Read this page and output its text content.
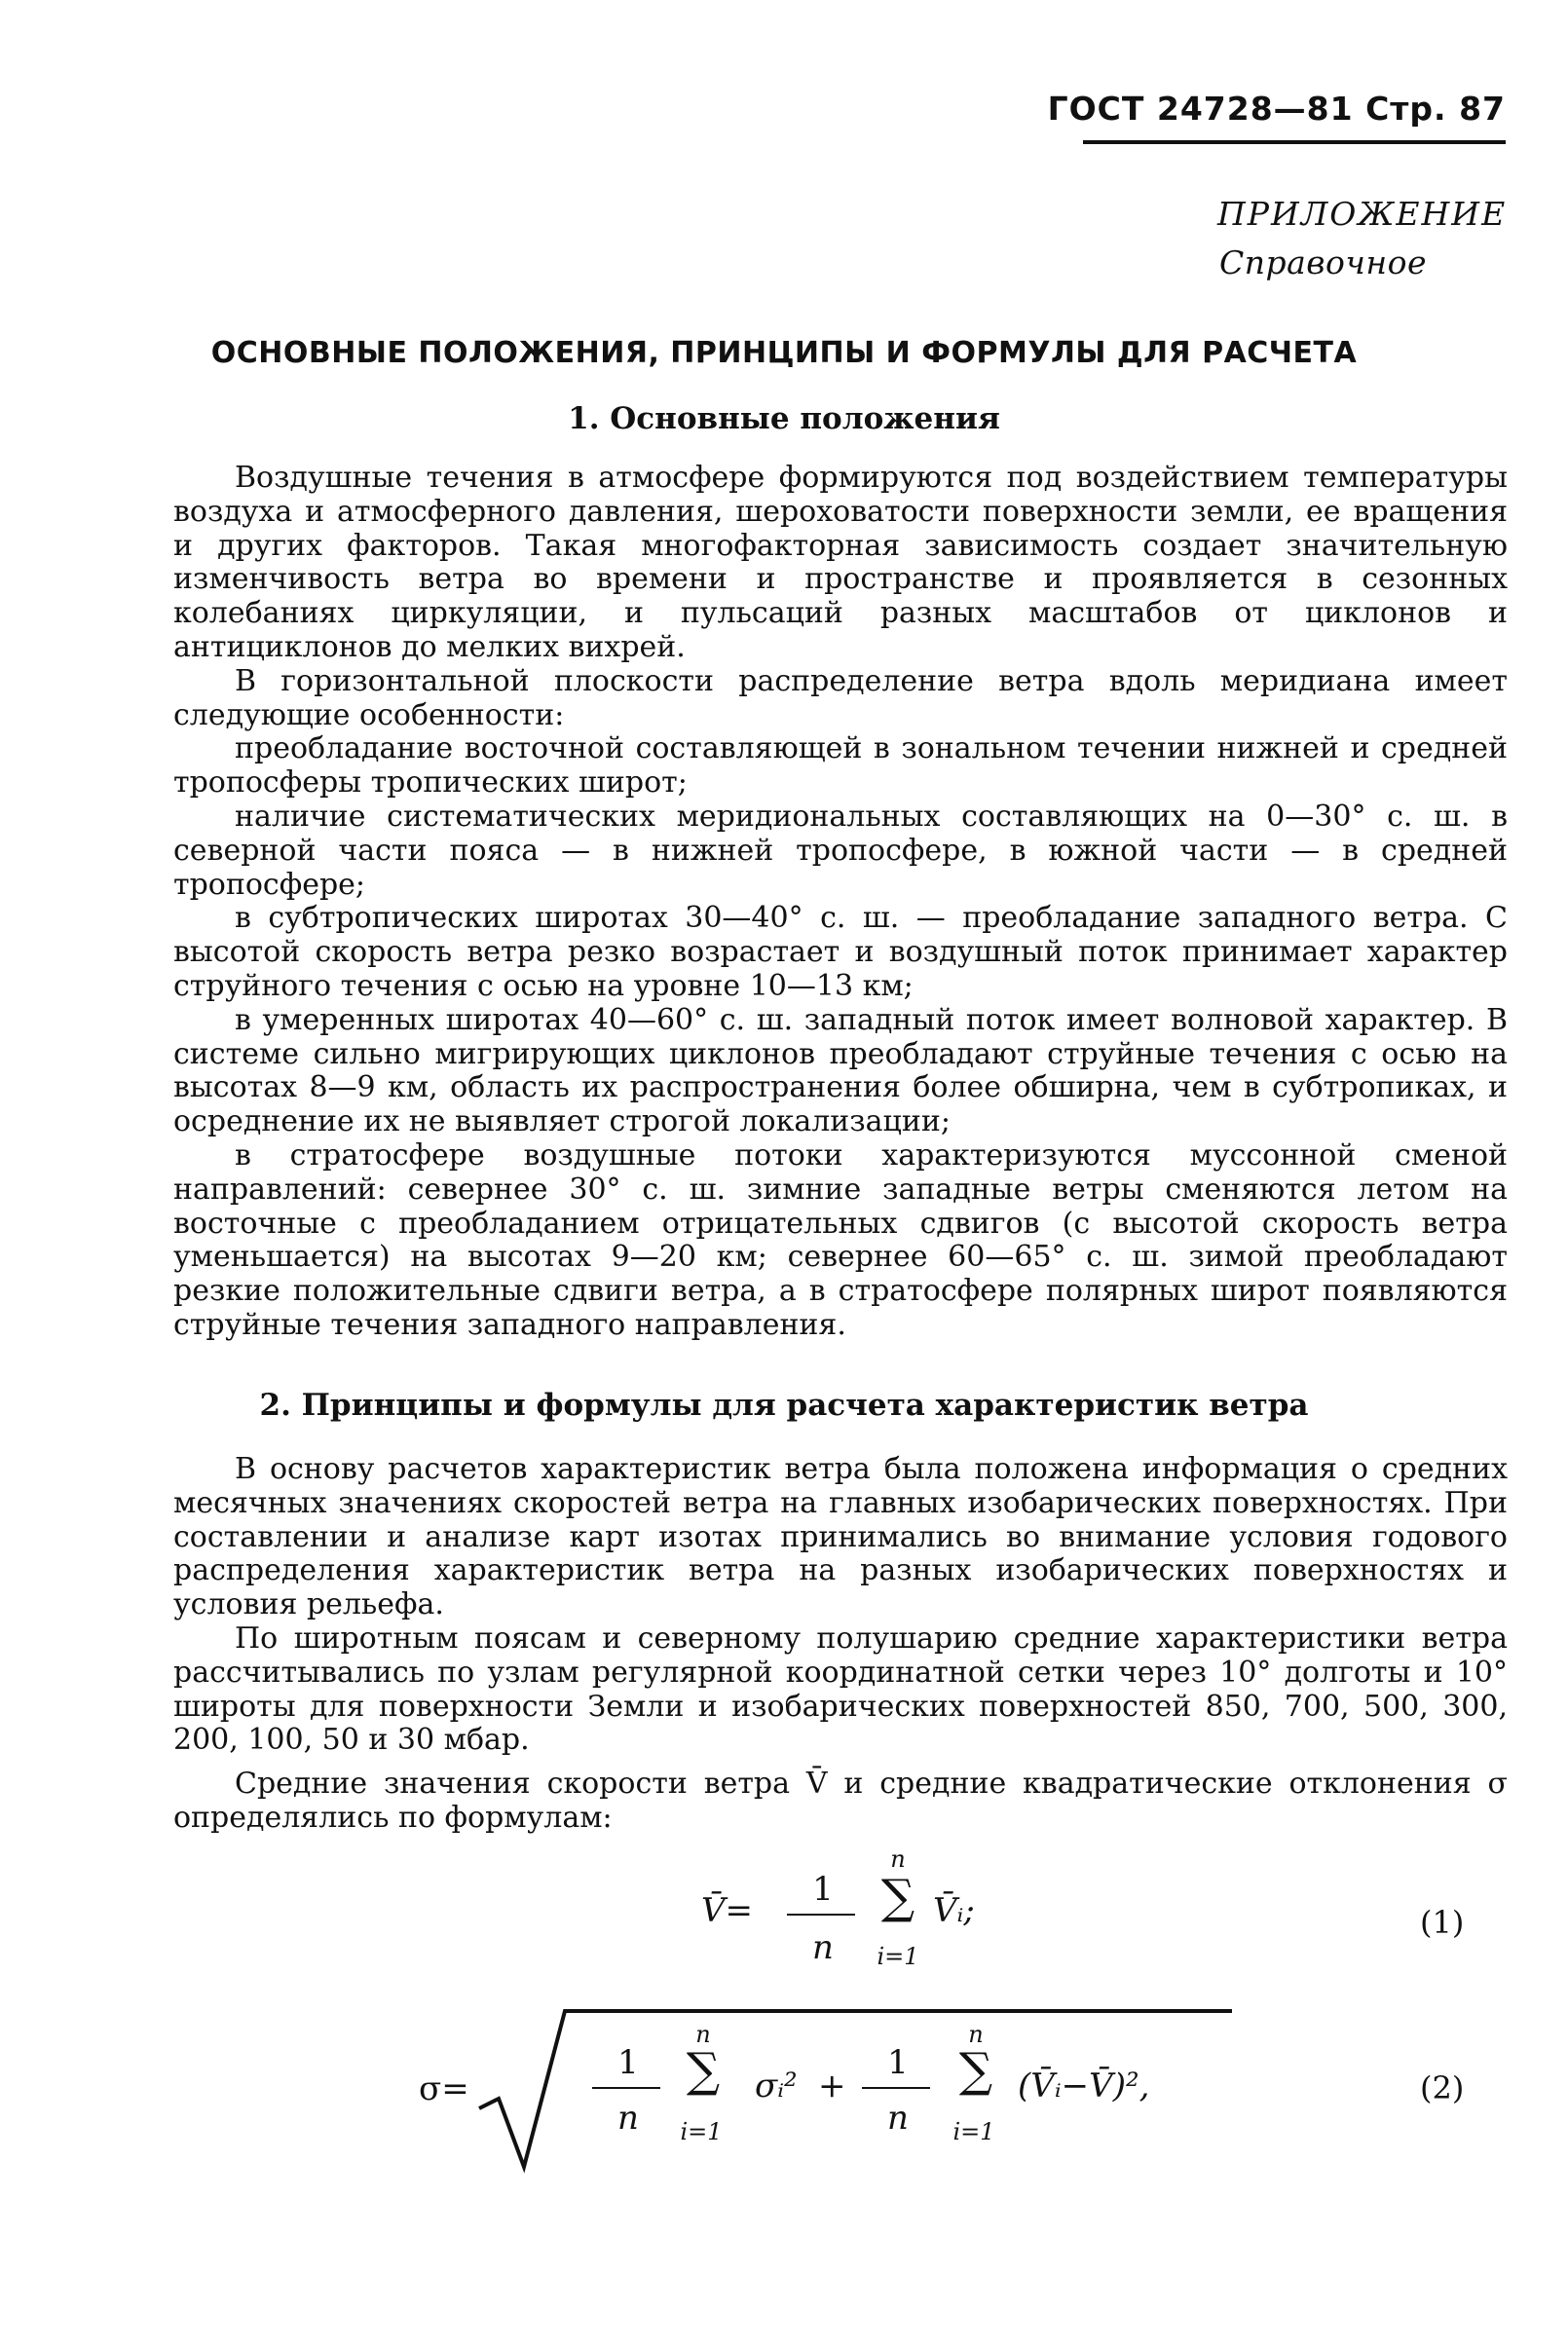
ГОСТ 24728—81 Стр. 87
ПРИЛОЖЕНИЕ
Справочное
ОСНОВНЫЕ ПОЛОЖЕНИЯ, ПРИНЦИПЫ И ФОРМУЛЫ ДЛЯ РАСЧЕТА
1. Основные положения

Воздушные течения в атмосфере формируются под воздействием температуры воздуха и атмосферного давления, шероховатости поверхности земли, ее вращения и других факторов. Такая многофакторная зависимость создает значительную изменчивость ветра во времени и пространстве и проявляется в сезонных колебаниях циркуляции, и пульсаций разных масштабов от циклонов и антициклонов до мелких вихрей.

В горизонтальной плоскости распределение ветра вдоль меридиана имеет следующие особенности:

преобладание восточной составляющей в зональном течении нижней и средней тропосферы тропических широт;

наличие систематических меридиональных составляющих на 0—30° с. ш. в северной части пояса — в нижней тропосфере, в южной части — в средней тропосфере;

в субтропических широтах 30—40° с. ш. — преобладание западного ветра. С высотой скорость ветра резко возрастает и воздушный поток принимает характер струйного течения с осью на уровне 10—13 км;

в умеренных широтах 40—60° с. ш. западный поток имеет волновой характер. В системе сильно мигрирующих циклонов преобладают струйные течения с осью на высотах 8—9 км, область их распространения более обширна, чем в субтропиках, и осреднение их не выявляет строгой локализации;

в стратосфере воздушные потоки характеризуются муссонной сменой направлений: севернее 30° с. ш. зимние западные ветры сменяются летом на восточные с преобладанием отрицательных сдвигов (с высотой скорость ветра уменьшается) на высотах 9—20 км; севернее 60—65° с. ш. зимой преобладают резкие положительные сдвиги ветра, а в стратосфере полярных широт появляются струйные течения западного направления.

2. Принципы и формулы для расчета характеристик ветра

В основу расчетов характеристик ветра была положена информация о средних месячных значениях скоростей ветра на главных изобарических поверхностях. При составлении и анализе карт изотах принимались во внимание условия годового распределения характеристик ветра на разных изобарических поверхностях и условия рельефа.

По широтным поясам и северному полушарию средние характеристики ветра рассчитывались по узлам регулярной координатной сетки через 10° долготы и 10° широты для поверхности Земли и изобарических поверхностей 850, 700, 500, 300, 200, 100, 50 и 30 мбар.

Средние значения скорости ветра V̄ и средние квадратические отклонения σ определялись по формулам:

V̄=
1
n
n
∑
i=1
V̄ᵢ;	(1)
σ=
1
n
n
∑
i=1
σᵢ² +
1
n
n
∑
i=1
(V̄ᵢ−V̄)²,	(2)
